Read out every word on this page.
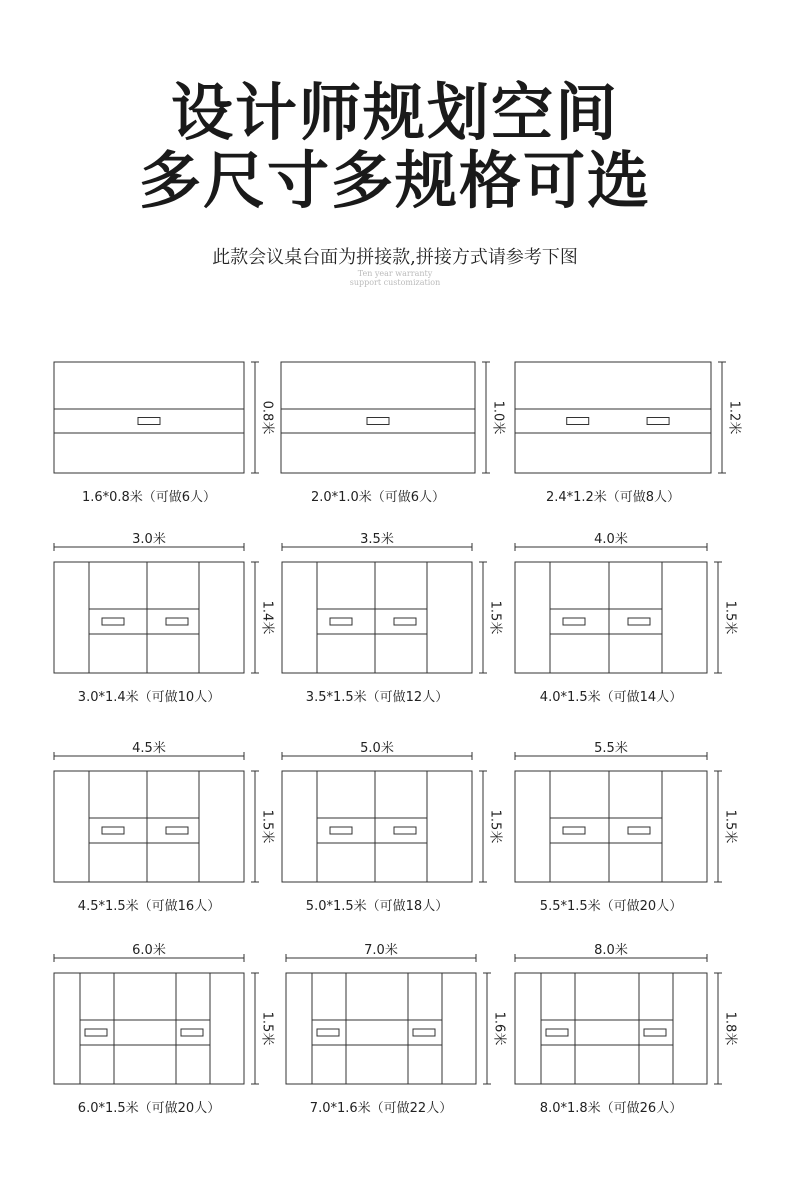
设计师规划空间
多尺寸多规格可选
此款会议桌台面为拼接款,拼接方式请参考下图
Ten year warranty
support customization
0.8米
1.6*0.8米（可做6人）
1.0米
2.0*1.0米（可做6人）
1.2米
2.4*1.2米（可做8人）
1.4米
3.0米
3.0*1.4米（可做10人）
1.5米
3.5米
3.5*1.5米（可做12人）
1.5米
4.0米
4.0*1.5米（可做14人）
1.5米
4.5米
4.5*1.5米（可做16人）
1.5米
5.0米
5.0*1.5米（可做18人）
1.5米
5.5米
5.5*1.5米（可做20人）
1.5米
6.0米
6.0*1.5米（可做20人）
1.6米
7.0米
7.0*1.6米（可做22人）
1.8米
8.0米
8.0*1.8米（可做26人）
